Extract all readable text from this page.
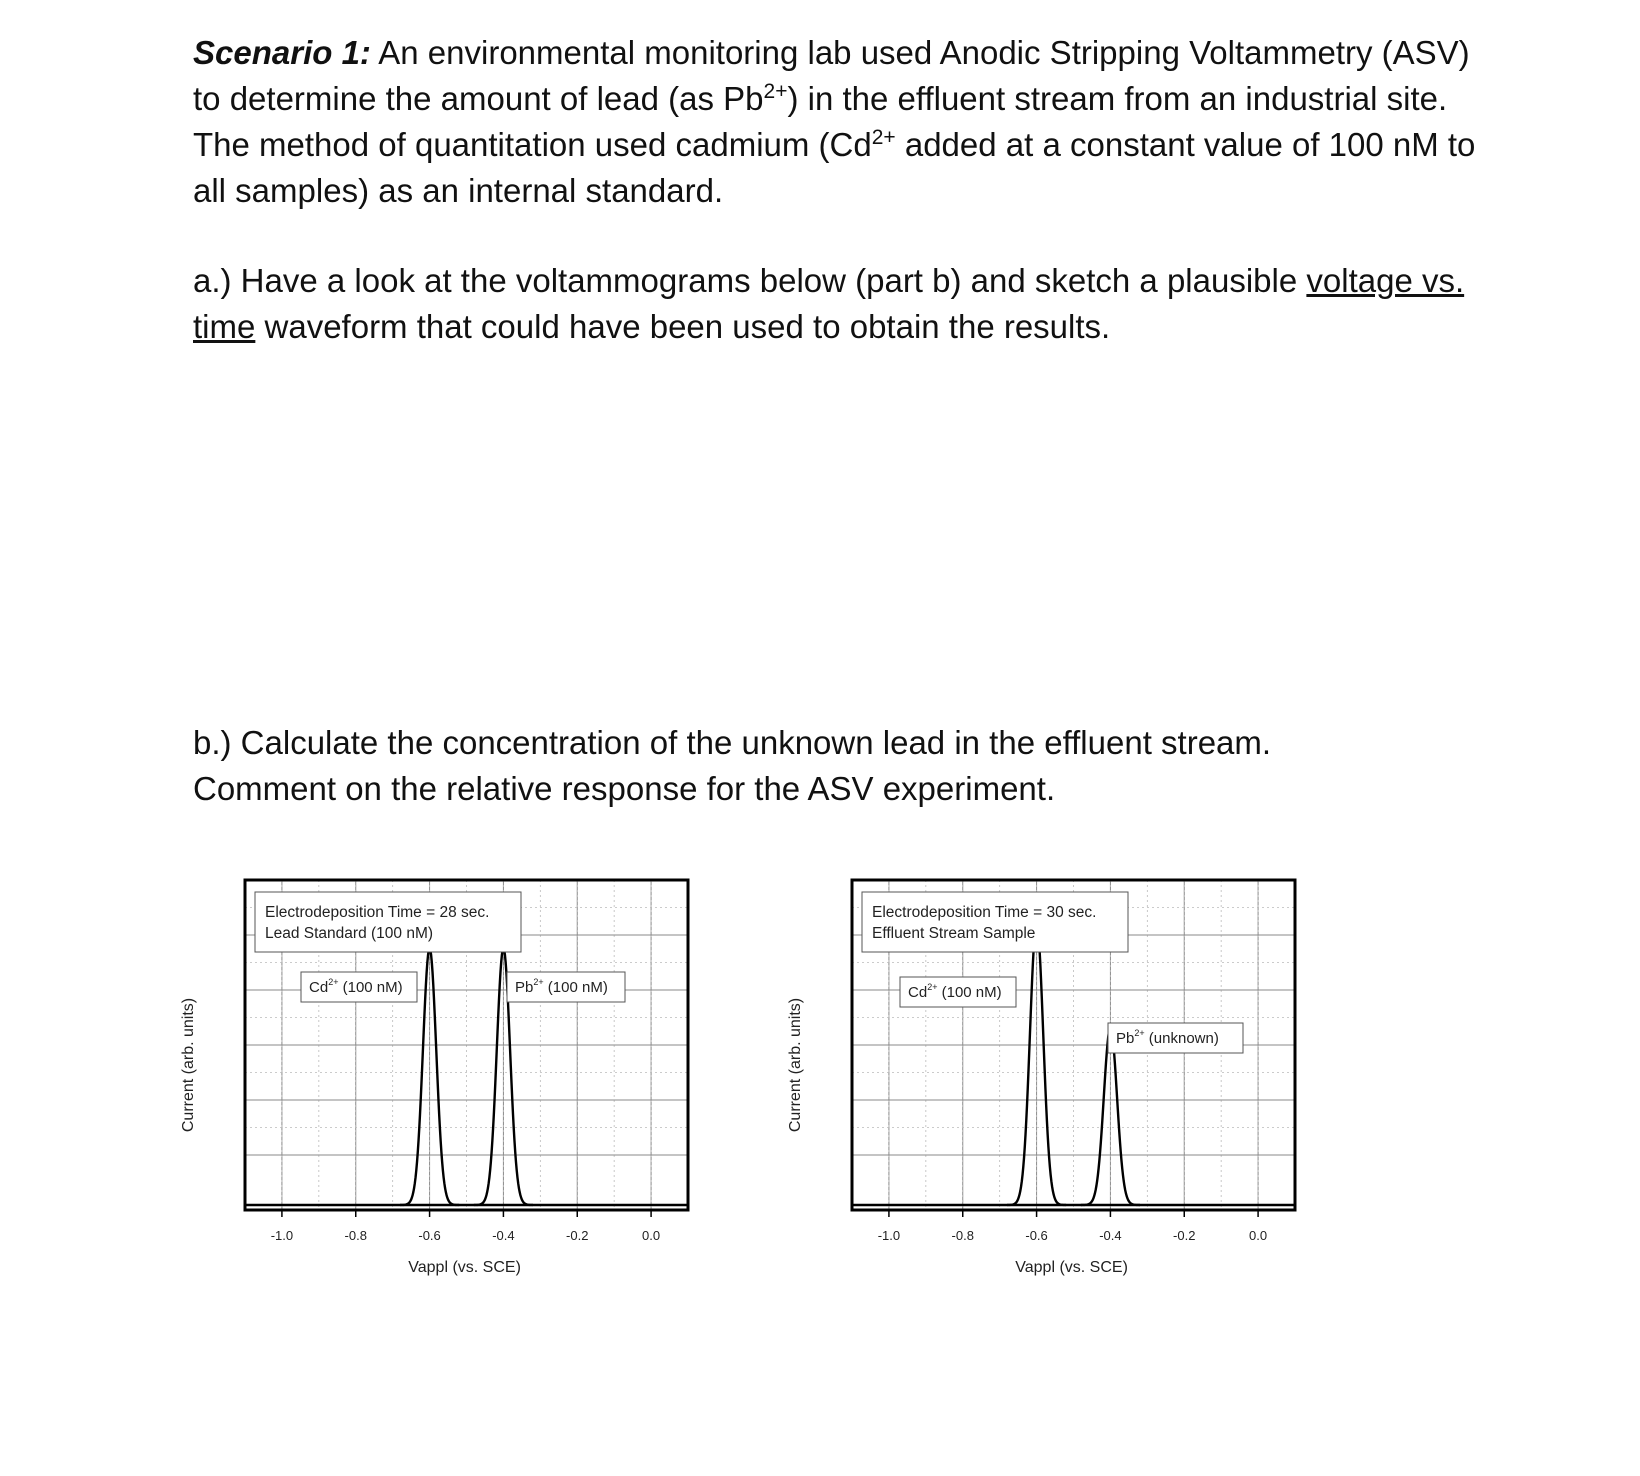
Scenario 1: An environmental monitoring lab used Anodic Stripping Voltammetry (ASV) to determine the amount of lead (as $Pb^{2+}$) in the effluent stream from an industrial site. The method of quantitation used cadmium ($Cd^{2+}$ added at a constant value of 100 nM to all samples) as an internal standard.

a.) Have a look at the voltammograms below (part b) and sketch a plausible voltage vs. time waveform that could have been used to obtain the results.

b.) Calculate the concentration of the unknown lead in the effluent stream.

Comment on the relative response for the ASV experiment.

-1.0	-0.8	-0.6	-0.4	-0.2	0.0
Vappl (vs. SCE)
Current (arb. units)
Electrodeposition Time = 28 sec.
Lead Standard (100 nM)
$Cd^{2+}$ (100 nM)	$Pb^{2+}$ (100 nM)
-1.0	-0.8	-0.6	-0.4	-0.2	0.0
Vappl (vs. SCE)
Current (arb. units)
Electrodeposition Time = 30 sec.
Effluent Stream Sample
$Cd^{2+}$ (100 nM)
$Pb^{2+}$ (unknown)
